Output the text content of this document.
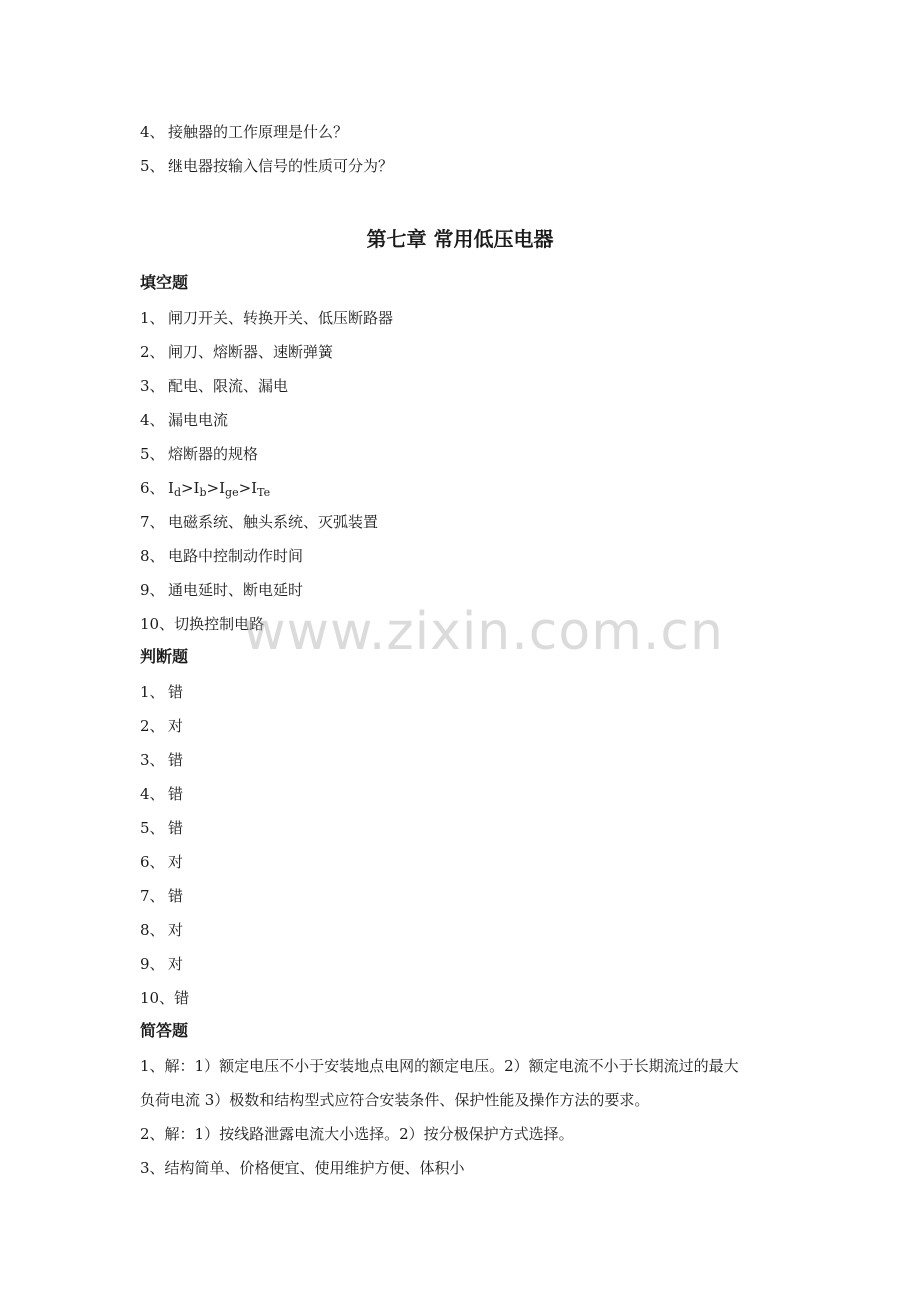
4、 接触器的工作原理是什么？
5、 继电器按输入信号的性质可分为？
第七章 常用低压电器
填空题
1、 闸刀开关、转换开关、低压断路器
2、 闸刀、熔断器、速断弹簧
3、 配电、限流、漏电
4、 漏电电流
5、 熔断器的规格
6、 $I_d>I_b>I_{ge}>I_{Te}$
7、 电磁系统、触头系统、灭弧装置
8、 电路中控制动作时间
9、 通电延时、断电延时
10、切换控制电路
判断题
1、 错
2、 对
3、 错
4、 错
5、 错
6、 对
7、 错
8、 对
9、 对
10、错
简答题
1、解：1）额定电压不小于安装地点电网的额定电压。2）额定电流不小于长期流过的最大
负荷电流 3）极数和结构型式应符合安装条件、保护性能及操作方法的要求。
2、解：1）按线路泄露电流大小选择。2）按分极保护方式选择。
3、结构简单、价格便宜、使用维护方便、体积小
www.zixin.com.cn
